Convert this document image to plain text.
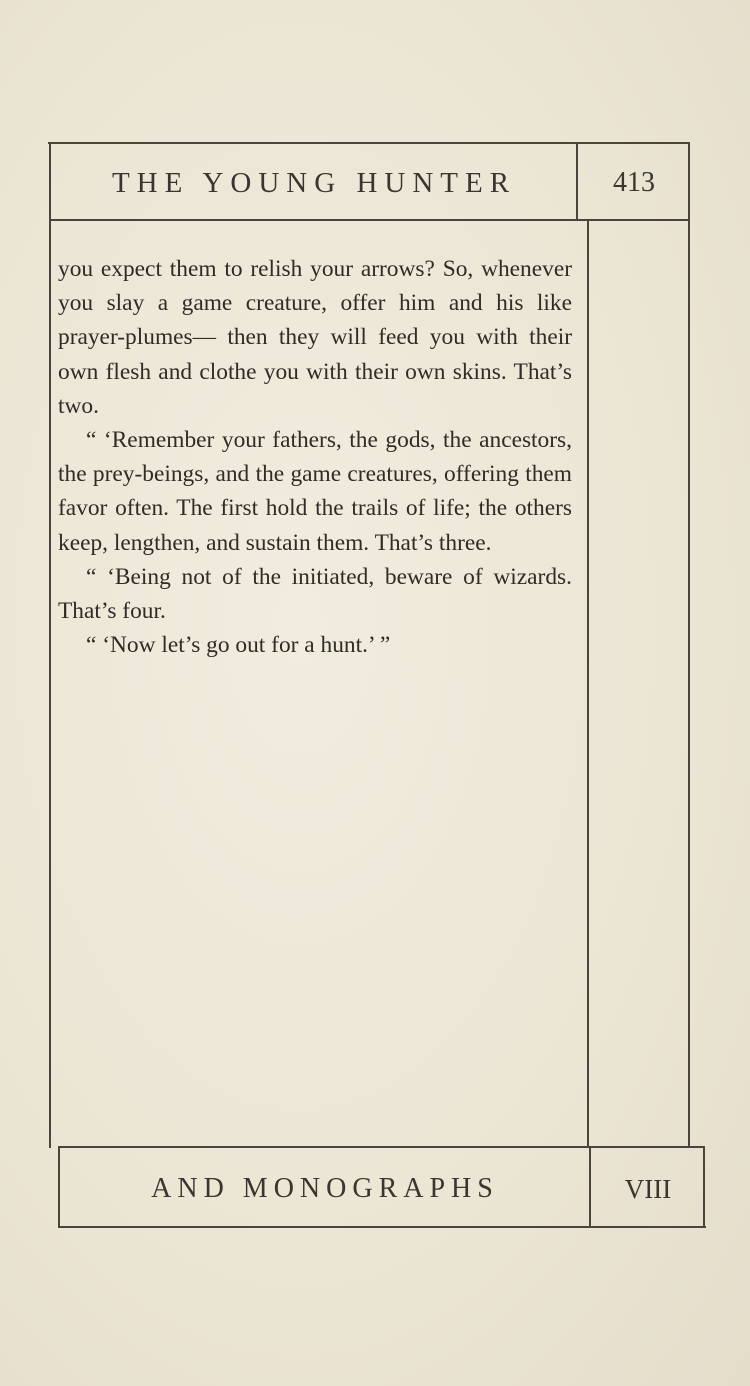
THE YOUNG HUNTER	413

you expect them to relish your arrows? So, whenever you slay a game creature, offer him and his like prayer-plumes— then they will feed you with their own flesh and clothe you with their own skins. That’s two.

“ ‘Remember your fathers, the gods, the ancestors, the prey-beings, and the game creatures, offering them favor often. The first hold the trails of life; the others keep, lengthen, and sustain them. That’s three.

“ ‘Being not of the initiated, beware of wizards. That’s four.

“ ‘Now let’s go out for a hunt.’ ”

AND MONOGRAPHS	VIII
